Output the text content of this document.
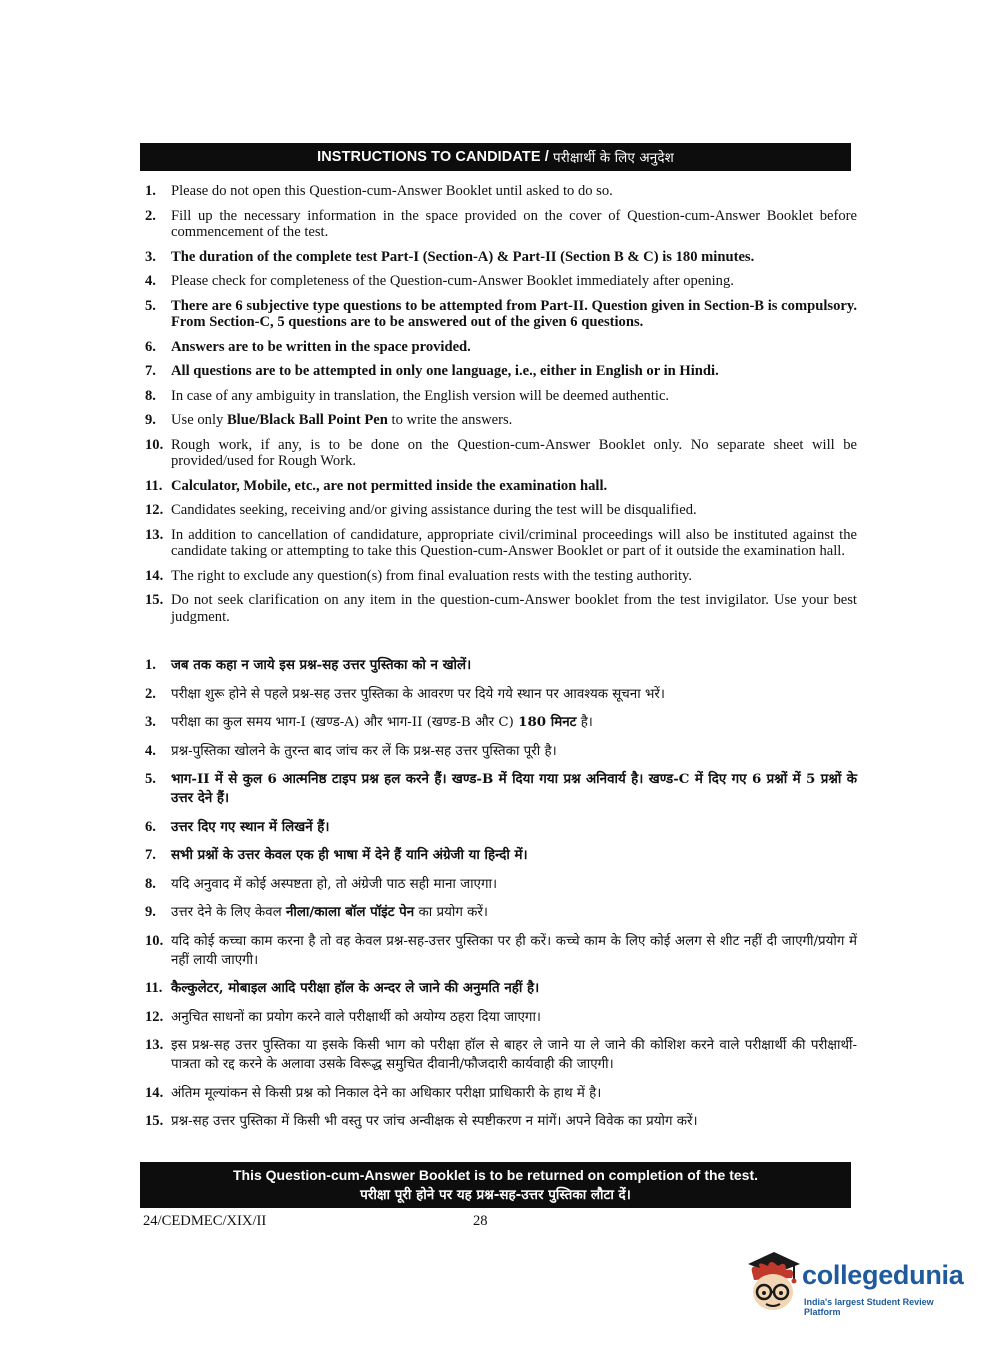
INSTRUCTIONS TO CANDIDATE / परीक्षार्थी के लिए अनुदेश
1.	Please do not open this Question-cum-Answer Booklet until asked to do so.
2.	Fill up the necessary information in the space provided on the cover of Question-cum-Answer Booklet before commencement of the test.
3.	The duration of the complete test Part-I (Section-A) & Part-II (Section B & C) is 180 minutes.
4.	Please check for completeness of the Question-cum-Answer Booklet immediately after opening.
5.	There are 6 subjective type questions to be attempted from Part-II. Question given in Section-B is compulsory. From Section-C, 5 questions are to be answered out of the given 6 questions.
6.	Answers are to be written in the space provided.
7.	All questions are to be attempted in only one language, i.e., either in English or in Hindi.
8.	In case of any ambiguity in translation, the English version will be deemed authentic.
9.	Use only Blue/Black Ball Point Pen to write the answers.
10. Rough work, if any, is to be done on the Question-cum-Answer Booklet only. No separate sheet will be provided/used for Rough Work.
11. Calculator, Mobile, etc., are not permitted inside the examination hall.
12. Candidates seeking, receiving and/or giving assistance during the test will be disqualified.
13. In addition to cancellation of candidature, appropriate civil/criminal proceedings will also be instituted against the candidate taking or attempting to take this Question-cum-Answer Booklet or part of it outside the examination hall.
14. The right to exclude any question(s) from final evaluation rests with the testing authority.
15. Do not seek clarification on any item in the question-cum-Answer booklet from the test invigilator. Use your best judgment.
1.	जब तक कहा न जाये इस प्रश्न-सह उत्तर पुस्तिका को न खोलें।
2.	परीक्षा शुरू होने से पहले प्रश्न-सह उत्तर पुस्तिका के आवरण पर दिये गये स्थान पर आवश्यक सूचना भरें।
3.	परीक्षा का कुल समय भाग-I (खण्ड-A) और भाग-II (खण्ड-B और C) 180 मिनट है।
4.	प्रश्न-पुस्तिका खोलने के तुरन्त बाद जांच कर लें कि प्रश्न-सह उत्तर पुस्तिका पूरी है।
5.	भाग-II में से कुल 6 आत्मनिष्ठ टाइप प्रश्न हल करने हैं। खण्ड-B में दिया गया प्रश्न अनिवार्य है। खण्ड-C में दिए गए 6 प्रश्नों में 5 प्रश्नों के उत्तर देने हैं।
6.	उत्तर दिए गए स्थान में लिखनें हैं।
7.	सभी प्रश्नों के उत्तर केवल एक ही भाषा में देने हैं यानि अंग्रेजी या हिन्दी में।
8.	यदि अनुवाद में कोई अस्पष्टता हो, तो अंग्रेजी पाठ सही माना जाएगा।
9.	उत्तर देने के लिए केवल नीला/काला बॉल पॉइंट पेन का प्रयोग करें।
10. यदि कोई कच्चा काम करना है तो वह केवल प्रश्न-सह-उत्तर पुस्तिका पर ही करें। कच्चे काम के लिए कोई अलग से शीट नहीं दी जाएगी/प्रयोग में नहीं लायी जाएगी।
11. कैल्कुलेटर, मोबाइल आदि परीक्षा हॉल के अन्दर ले जाने की अनुमति नहीं है।
12. अनुचित साधनों का प्रयोग करने वाले परीक्षार्थी को अयोग्य ठहरा दिया जाएगा।
13. इस प्रश्न-सह उत्तर पुस्तिका या इसके किसी भाग को परीक्षा हॉल से बाहर ले जाने या ले जाने की कोशिश करने वाले परीक्षार्थी की परीक्षार्थी-पात्रता को रद्द करने के अलावा उसके विरूद्ध समुचित दीवानी/फौजदारी कार्यवाही की जाएगी।
14. अंतिम मूल्यांकन से किसी प्रश्न को निकाल देने का अधिकार परीक्षा प्राधिकारी के हाथ में है।
15. प्रश्न-सह उत्तर पुस्तिका में किसी भी वस्तु पर जांच अन्वीक्षक से स्पष्टीकरण न मांगें। अपने विवेक का प्रयोग करें।
This Question-cum-Answer Booklet is to be returned on completion of the test.
परीक्षा पूरी होने पर यह प्रश्न-सह-उत्तर पुस्तिका लौटा दें।
24/CEDMEC/XIX/II	28
collegedunia
India's largest Student Review Platform
